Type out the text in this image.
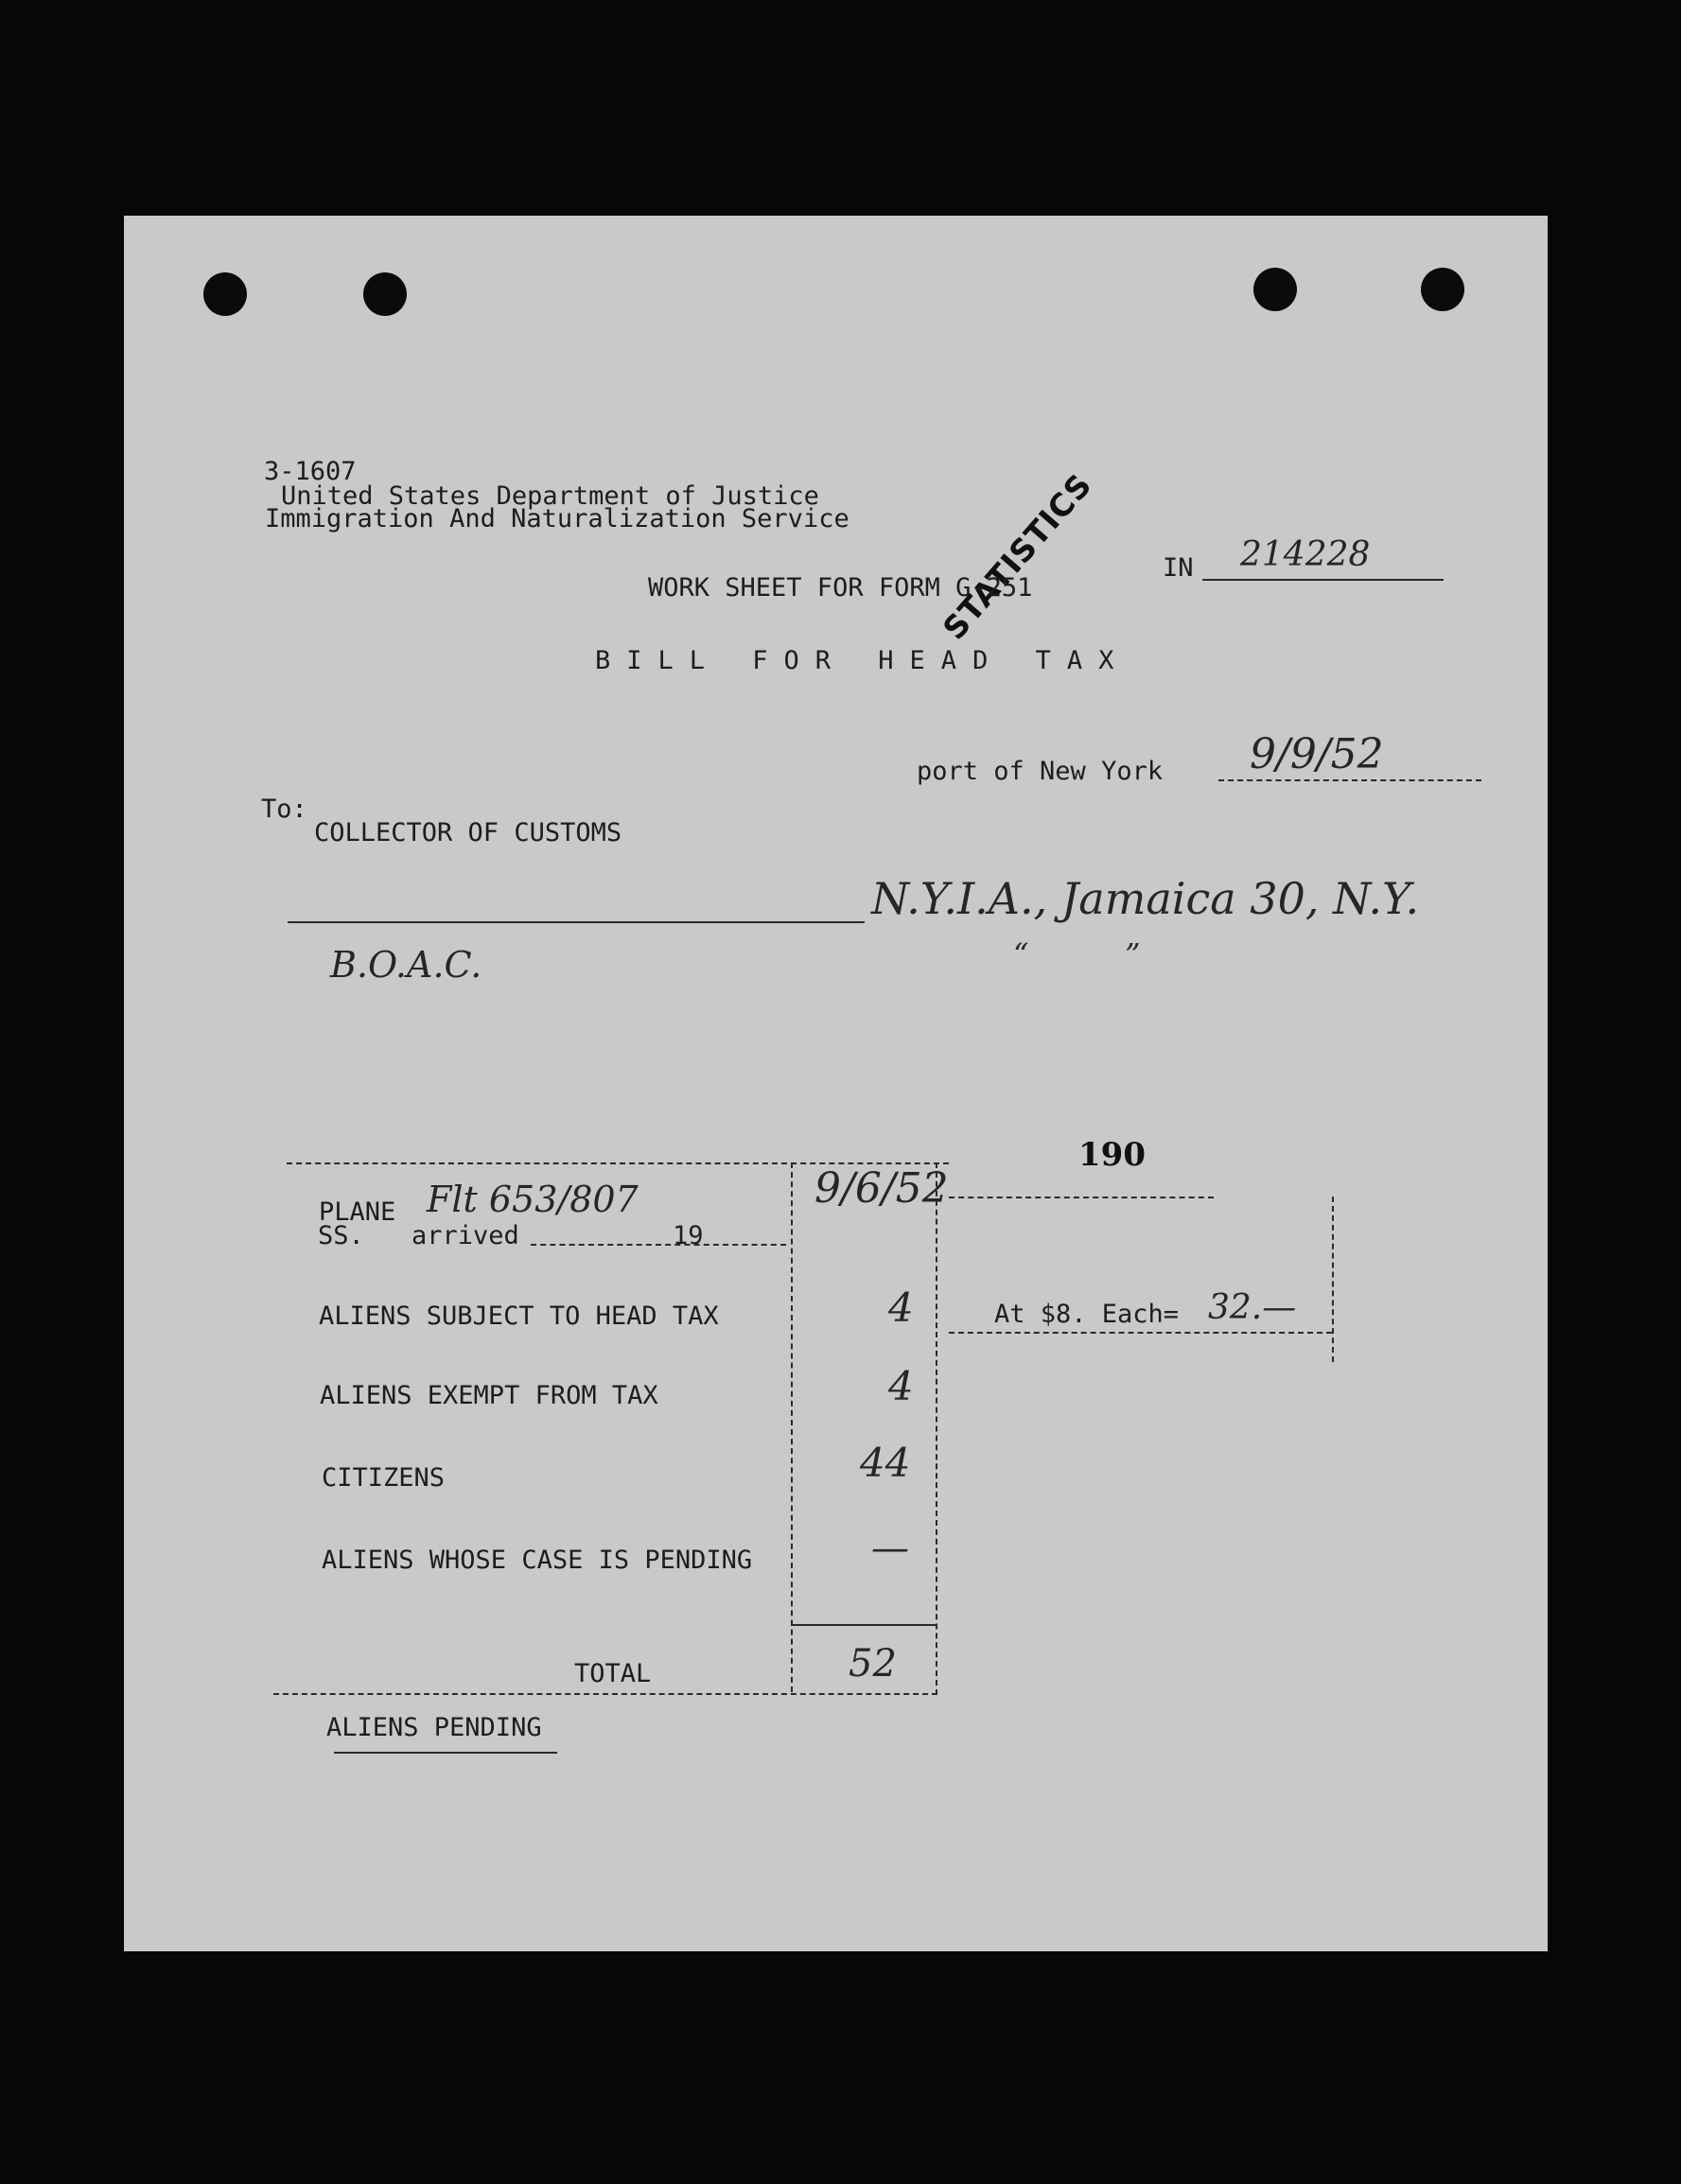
3-1607
United States Department of Justice
Immigration And Naturalization Service	STATISTICS
WORK SHEET FOR FORM G-251
IN 214228
BILL FOR HEAD TAX
port of New York 9/9/52
To:
COLLECTOR OF CUSTOMS
N.Y.I.A., Jamaica 30, N.Y.
“          ”
B.O.A.C.
190
PLANE Flt 653/807
SS. arrived	19
9/6/52
ALIENS SUBJECT TO HEAD TAX	4	At $8. Each= 32.—
ALIENS EXEMPT FROM TAX	4
CITIZENS	44
ALIENS WHOSE CASE IS PENDING	—
TOTAL	52
ALIENS PENDING
